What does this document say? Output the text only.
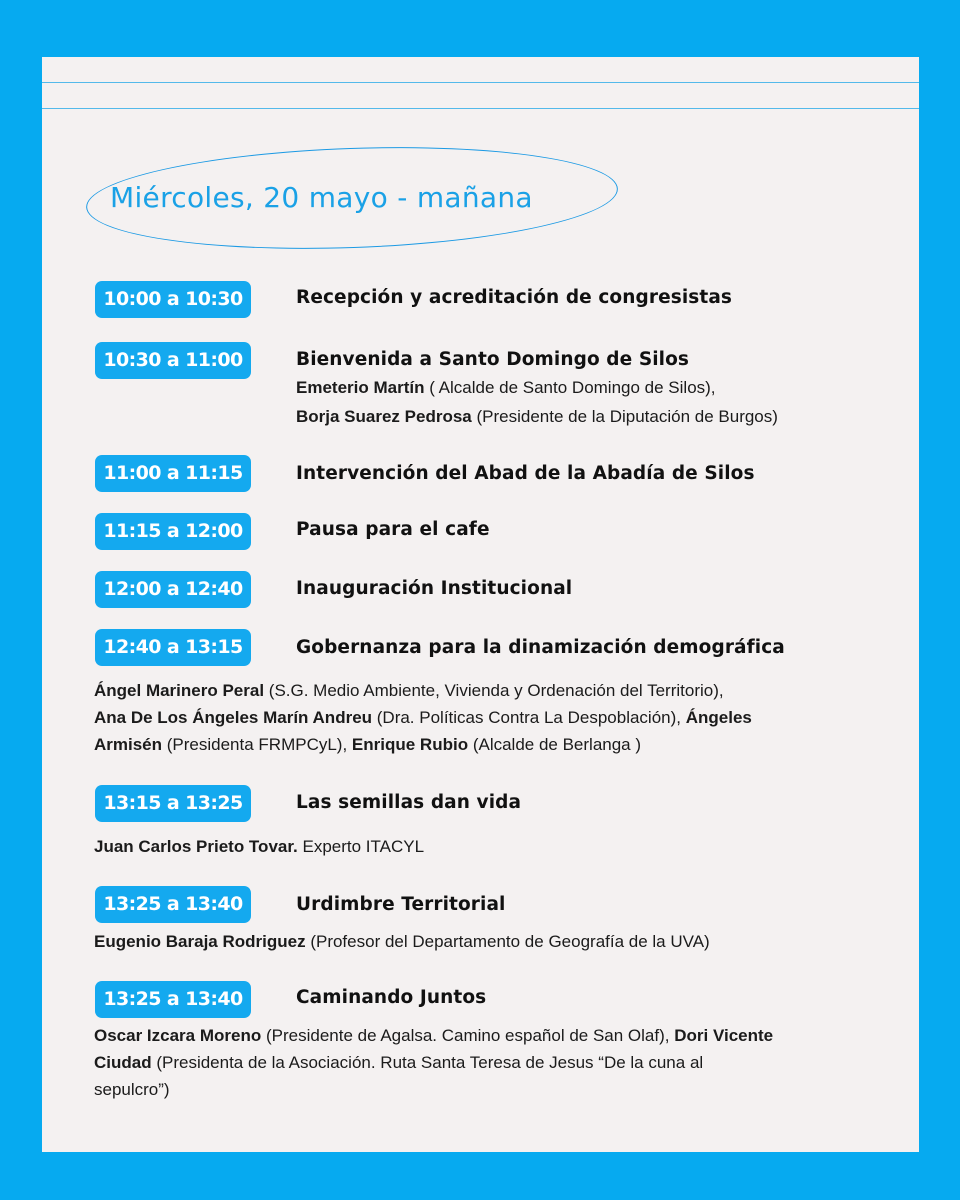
Miércoles, 20 mayo - mañana
10:00 a 10:30	Recepción y acreditación de congresistas
10:30 a 11:00	Bienvenida a Santo Domingo de Silos
Emeterio Martín ( Alcalde de Santo Domingo de Silos),
Borja Suarez Pedrosa (Presidente de la Diputación de Burgos)
11:00 a 11:15	Intervención del Abad de la Abadía de Silos
11:15 a 12:00	Pausa para el cafe
12:00 a 12:40	Inauguración Institucional
12:40 a 13:15	Gobernanza para la dinamización demográfica
Ángel Marinero Peral (S.G. Medio Ambiente, Vivienda y Ordenación del Territorio),
Ana De Los Ángeles Marín Andreu (Dra. Políticas Contra La Despoblación), Ángeles
Armisén (Presidenta FRMPCyL), Enrique Rubio (Alcalde de Berlanga )
13:15 a 13:25	Las semillas dan vida
Juan Carlos Prieto Tovar. Experto ITACYL
13:25 a 13:40	Urdimbre Territorial
Eugenio Baraja Rodriguez (Profesor del Departamento de Geografía de la UVA)
13:25 a 13:40	Caminando Juntos
Oscar Izcara Moreno (Presidente de Agalsa. Camino español de San Olaf), Dori Vicente
Ciudad (Presidenta de la Asociación. Ruta Santa Teresa de Jesus “De la cuna al
sepulcro”)
